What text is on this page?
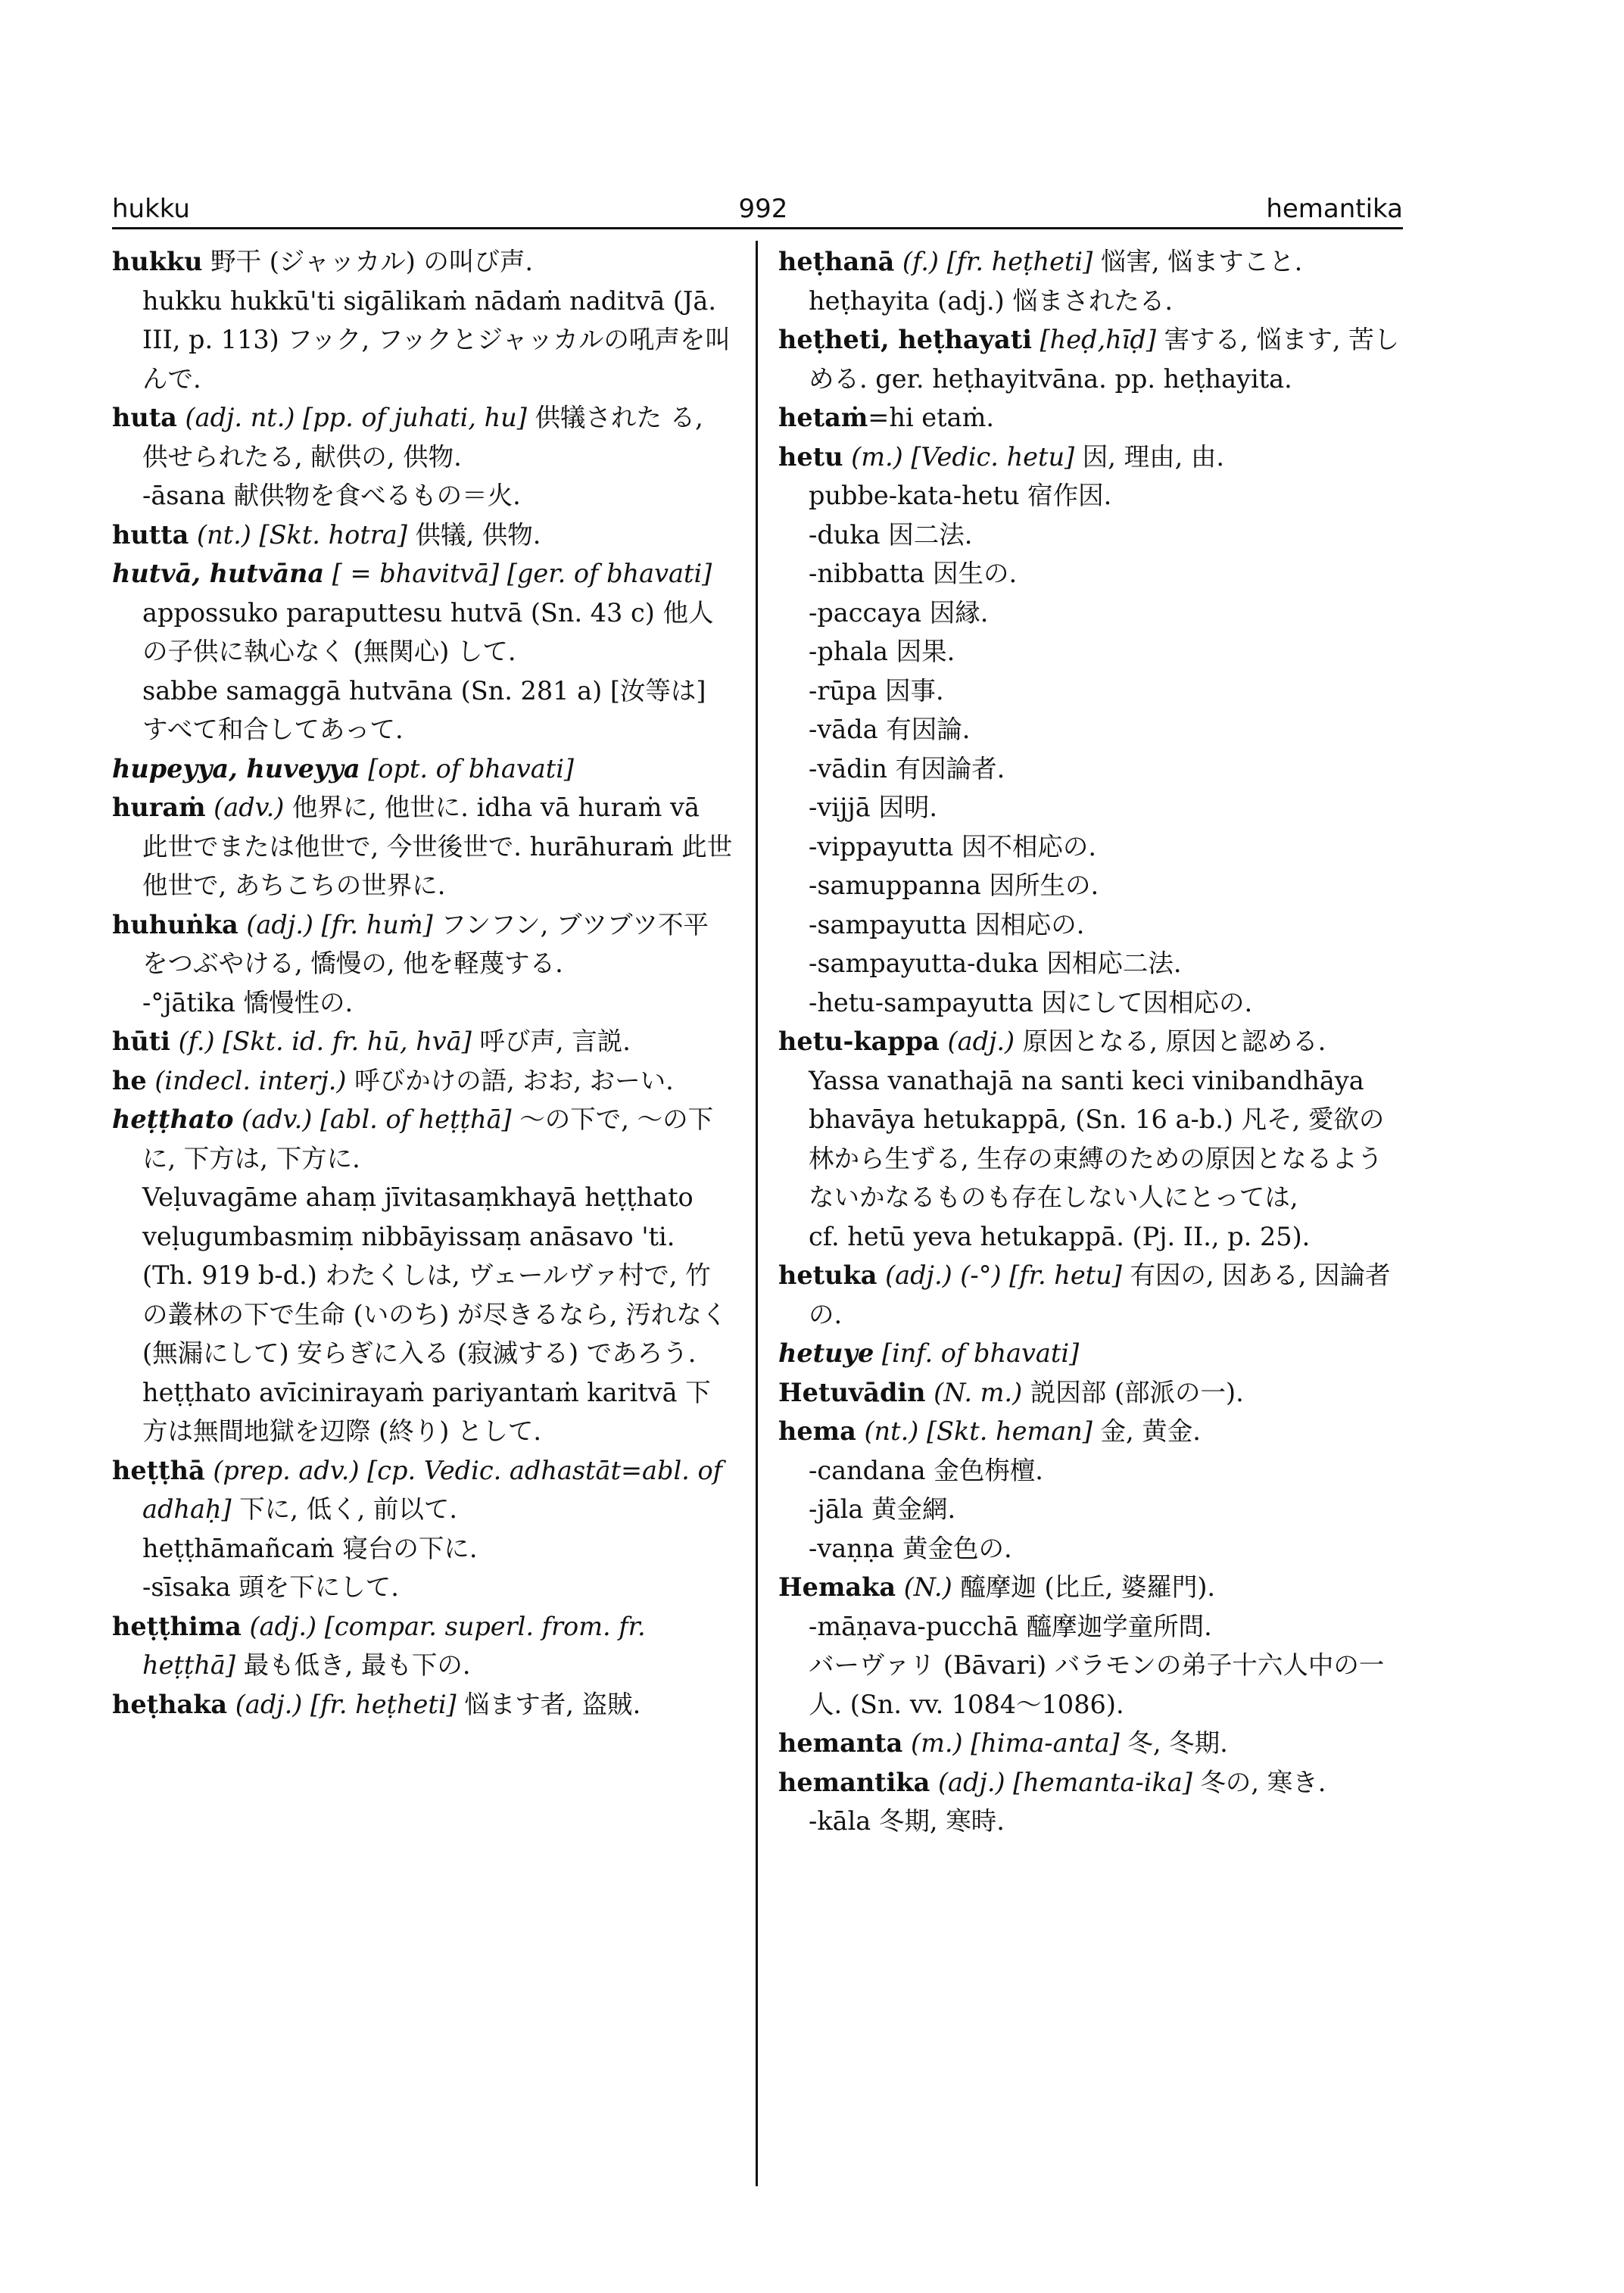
hukku	992	hemantika

hukku 野干 (ジャッカル) の叫び声.

hukku hukkū'ti sigālikaṁ nādaṁ naditvā (Jā. III, p. 113) フック, フックとジャッカルの吼声を叫んで.

huta (adj. nt.) [pp. of juhati, hu] 供犠された る, 供せられたる, 献供の, 供物.

-āsana 献供物を食べるもの＝火.

hutta (nt.) [Skt. hotra] 供犠, 供物.

hutvā, hutvāna [ = bhavitvā] [ger. of bhavati]

appossuko paraputtesu hutvā (Sn. 43 c) 他人の子供に執心なく (無関心) して.

sabbe samaggā hutvāna (Sn. 281 a) [汝等は] すべて和合してあって.

hupeyya, huveyya [opt. of bhavati]

huraṁ (adv.) 他界に, 他世に. idha vā huraṁ vā 此世でまたは他世で, 今世後世で. hurāhuraṁ 此世他世で, あちこちの世界に.

huhuṅka (adj.) [fr. huṁ] フンフン, ブツブツ不平をつぶやける, 憍慢の, 他を軽蔑する.

-°jātika 憍慢性の.

hūti (f.) [Skt. id. fr. hū, hvā] 呼び声, 言説.

he (indecl. interj.) 呼びかけの語, おお, おーい.

heṭṭhato (adv.) [abl. of heṭṭhā] ～の下で, ～の下に, 下方は, 下方に.

Veḷuvagāme ahaṃ jīvitasaṃkhayā heṭṭhato veḷugumbasmiṃ nibbāyissaṃ anāsavo 'ti. (Th. 919 b-d.) わたくしは, ヴェールヴァ村で, 竹の叢林の下で生命 (いのち) が尽きるなら, 汚れなく (無漏にして) 安らぎに入る (寂滅する) であろう.

heṭṭhato avīcinirayaṁ pariyantaṁ karitvā 下方は無間地獄を辺際 (終り) として.

heṭṭhā (prep. adv.) [cp. Vedic. adhastāt=abl. of adhaḥ] 下に, 低く, 前以て.

heṭṭhāmañcaṁ 寝台の下に.

-sīsaka 頭を下にして.

heṭṭhima (adj.) [compar. superl. from. fr. heṭṭhā] 最も低き, 最も下の.

heṭhaka (adj.) [fr. heṭheti] 悩ます者, 盗賊.

heṭhanā (f.) [fr. heṭheti] 悩害, 悩ますこと. heṭhayita (adj.) 悩まされたる.

heṭheti, heṭhayati [heḍ,hīḍ] 害する, 悩ます, 苦しめる. ger. heṭhayitvāna. pp. heṭhayita.

hetaṁ=hi etaṁ.

hetu (m.) [Vedic. hetu] 因, 理由, 由.

pubbe-kata-hetu 宿作因.

-duka 因二法.

-nibbatta 因生の.

-paccaya 因縁.

-phala 因果.

-rūpa 因事.

-vāda 有因論.

-vādin 有因論者.

-vijjā 因明.

-vippayutta 因不相応の.

-samuppanna 因所生の.

-sampayutta 因相応の.

-sampayutta-duka 因相応二法.

-hetu-sampayutta 因にして因相応の.

hetu-kappa (adj.) 原因となる, 原因と認める.

Yassa vanathajā na santi keci vinibandhāya bhavāya hetukappā, (Sn. 16 a-b.) 凡そ, 愛欲の林から生ずる, 生存の束縛のための原因となるようないかなるものも存在しない人にとっては,

cf. hetū yeva hetukappā. (Pj. II., p. 25).

hetuka (adj.) (-°) [fr. hetu] 有因の, 因ある, 因論者の.

hetuye [inf. of bhavati]

Hetuvādin (N. m.) 説因部 (部派の一).

hema (nt.) [Skt. heman] 金, 黄金.

-candana 金色栴檀.

-jāla 黄金網.

-vaṇṇa 黄金色の.

Hemaka (N.) 醯摩迦 (比丘, 婆羅門).

-māṇava-pucchā 醯摩迦学童所問.

バーヴァリ (Bāvari) バラモンの弟子十六人中の一人. (Sn. vv. 1084〜1086).

hemanta (m.) [hima-anta] 冬, 冬期.

hemantika (adj.) [hemanta-ika] 冬の, 寒き.

-kāla 冬期, 寒時.
